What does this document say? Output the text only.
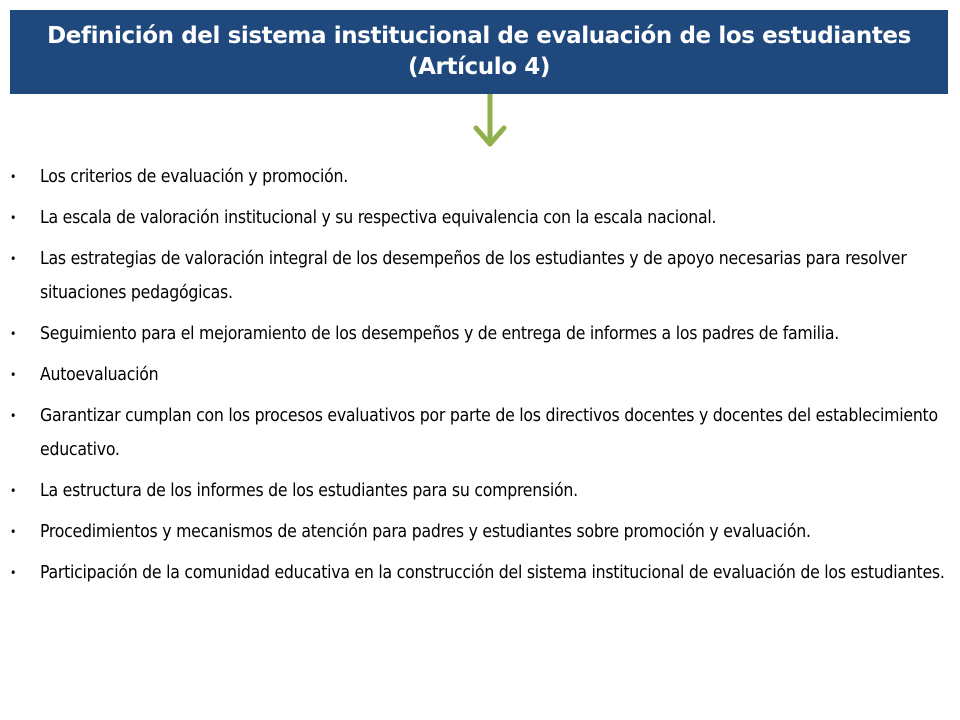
Definición del sistema institucional de evaluación de los estudiantes
(Artículo 4)
• Los criterios de evaluación y promoción.
• La escala de valoración institucional y su respectiva equivalencia con la escala nacional.
• Las estrategias de valoración integral de los desempeños de los estudiantes y de apoyo necesarias para resolver situaciones pedagógicas.
• Seguimiento para el mejoramiento de los desempeños y de entrega de informes a los padres de familia.
• Autoevaluación
• Garantizar cumplan con los procesos evaluativos por parte de los directivos docentes y docentes del establecimiento educativo.
• La estructura de los informes de los estudiantes para su comprensión.
• Procedimientos y mecanismos de atención para padres y estudiantes sobre promoción y evaluación.
• Participación de la comunidad educativa en la construcción del sistema institucional de evaluación de los estudiantes.
